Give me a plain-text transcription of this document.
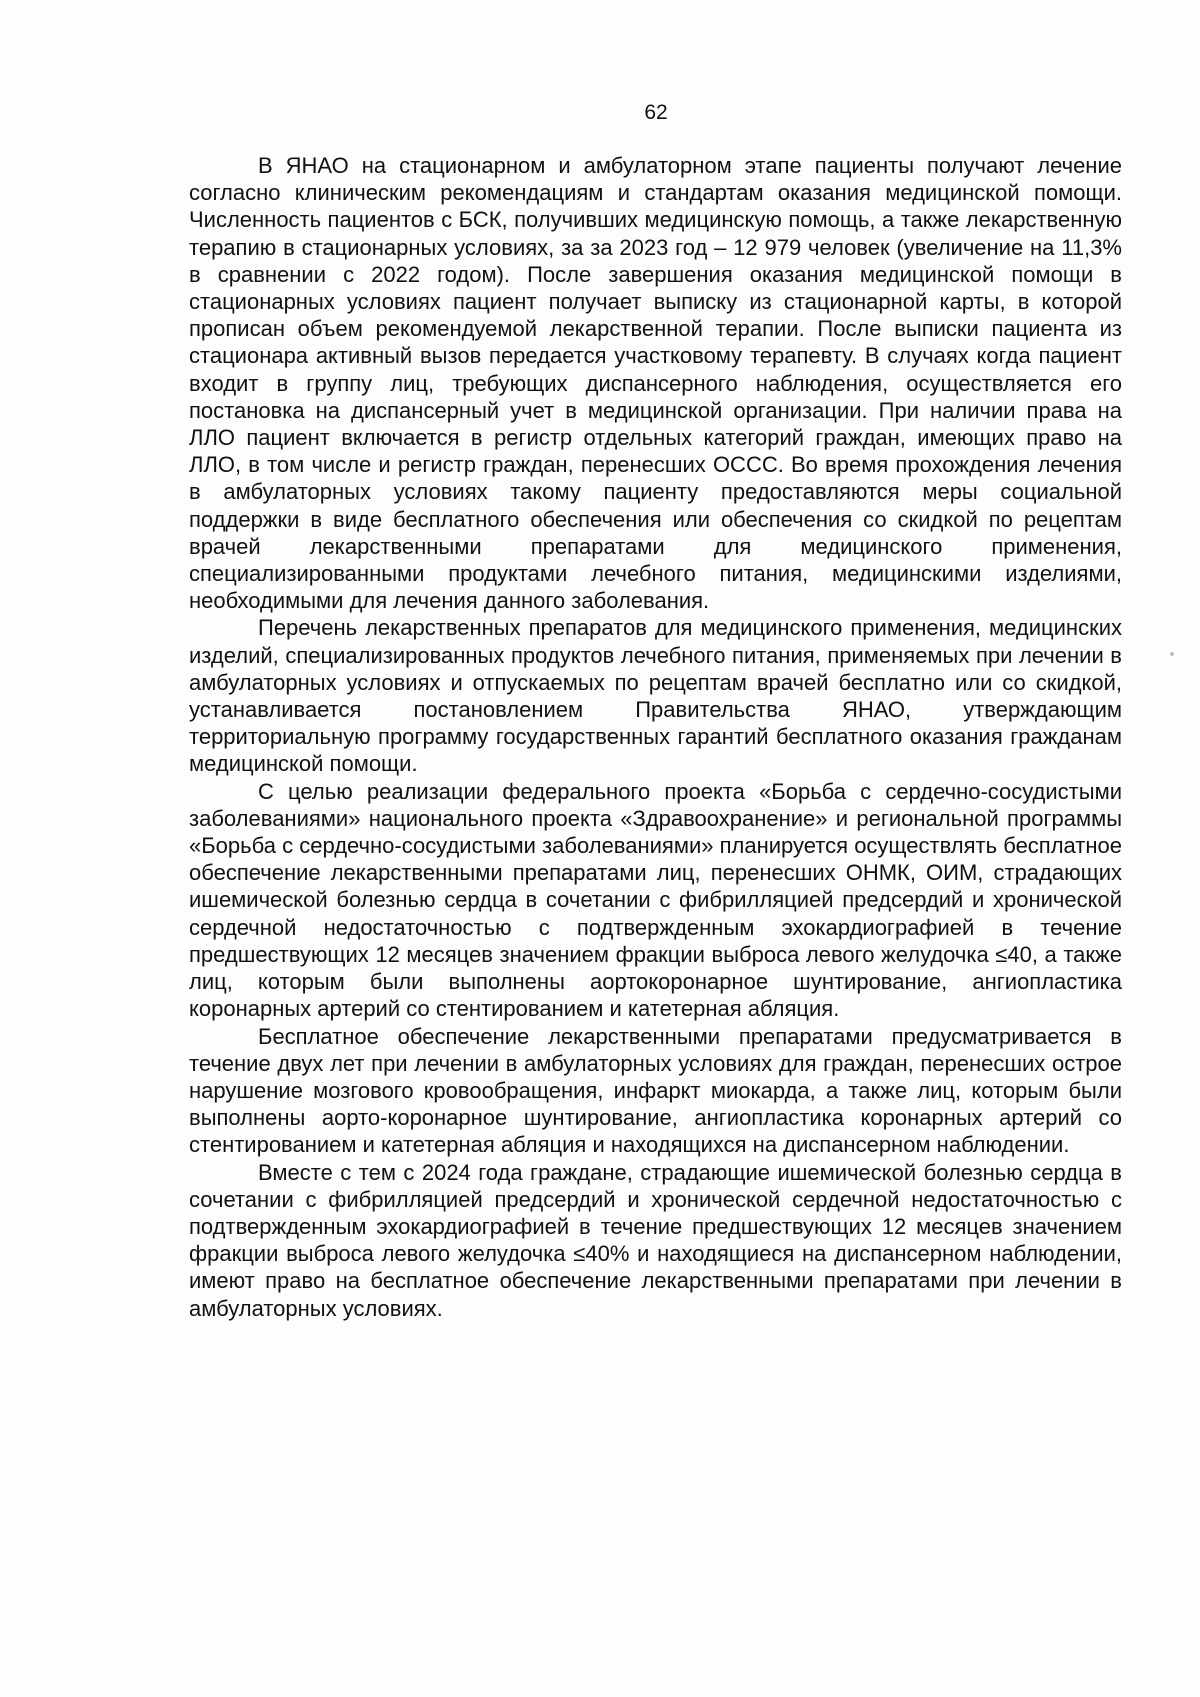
62

В ЯНАО на стационарном и амбулаторном этапе пациенты получают лечение согласно клиническим рекомендациям и стандартам оказания медицинской помощи. Численность пациентов с БСК, получивших медицинскую помощь, а также лекарственную терапию в стационарных условиях, за за 2023 год – 12 979 человек (увеличение на 11,3% в сравнении с 2022 годом). После завершения оказания медицинской помощи в стационарных условиях пациент получает выписку из стационарной карты, в которой прописан объем рекомендуемой лекарственной терапии. После выписки пациента из стационара активный вызов передается участковому терапевту. В случаях когда пациент входит в группу лиц, требующих диспансерного наблюдения, осуществляется его постановка на диспансерный учет в медицинской организации. При наличии права на ЛЛО пациент включается в регистр отдельных категорий граждан, имеющих право на ЛЛО, в том числе и регистр граждан, перенесших ОССС. Во время прохождения лечения в амбулаторных условиях такому пациенту предоставляются меры социальной поддержки в виде бесплатного обеспечения или обеспечения со скидкой по рецептам врачей лекарственными препаратами для медицинского применения, специализированными продуктами лечебного питания, медицинскими изделиями, необходимыми для лечения данного заболевания.

Перечень лекарственных препаратов для медицинского применения, медицинских изделий, специализированных продуктов лечебного питания, применяемых при лечении в амбулаторных условиях и отпускаемых по рецептам врачей бесплатно или со скидкой, устанавливается постановлением Правительства ЯНАО, утверждающим территориальную программу государственных гарантий бесплатного оказания гражданам медицинской помощи.

С целью реализации федерального проекта «Борьба с сердечно-сосудистыми заболеваниями» национального проекта «Здравоохранение» и региональной программы «Борьба с сердечно-сосудистыми заболеваниями» планируется осуществлять бесплатное обеспечение лекарственными препаратами лиц, перенесших ОНМК, ОИМ, страдающих ишемической болезнью сердца в сочетании с фибрилляцией предсердий и хронической сердечной недостаточностью с подтвержденным эхокардиографией в течение предшествующих 12 месяцев значением фракции выброса левого желудочка ≤40, а также лиц, которым были выполнены аортокоронарное шунтирование, ангиопластика коронарных артерий со стентированием и катетерная абляция.

Бесплатное обеспечение лекарственными препаратами предусматривается в течение двух лет при лечении в амбулаторных условиях для граждан, перенесших острое нарушение мозгового кровообращения, инфаркт миокарда, а также лиц, которым были выполнены аорто-коронарное шунтирование, ангиопластика коронарных артерий со стентированием и катетерная абляция и находящихся на диспансерном наблюдении.

Вместе с тем с 2024 года граждане, страдающие ишемической болезнью сердца в сочетании с фибрилляцией предсердий и хронической сердечной недостаточностью с подтвержденным эхокардиографией в течение предшествующих 12 месяцев значением фракции выброса левого желудочка ≤40% и находящиеся на диспансерном наблюдении, имеют право на бесплатное обеспечение лекарственными препаратами при лечении в амбулаторных условиях.
